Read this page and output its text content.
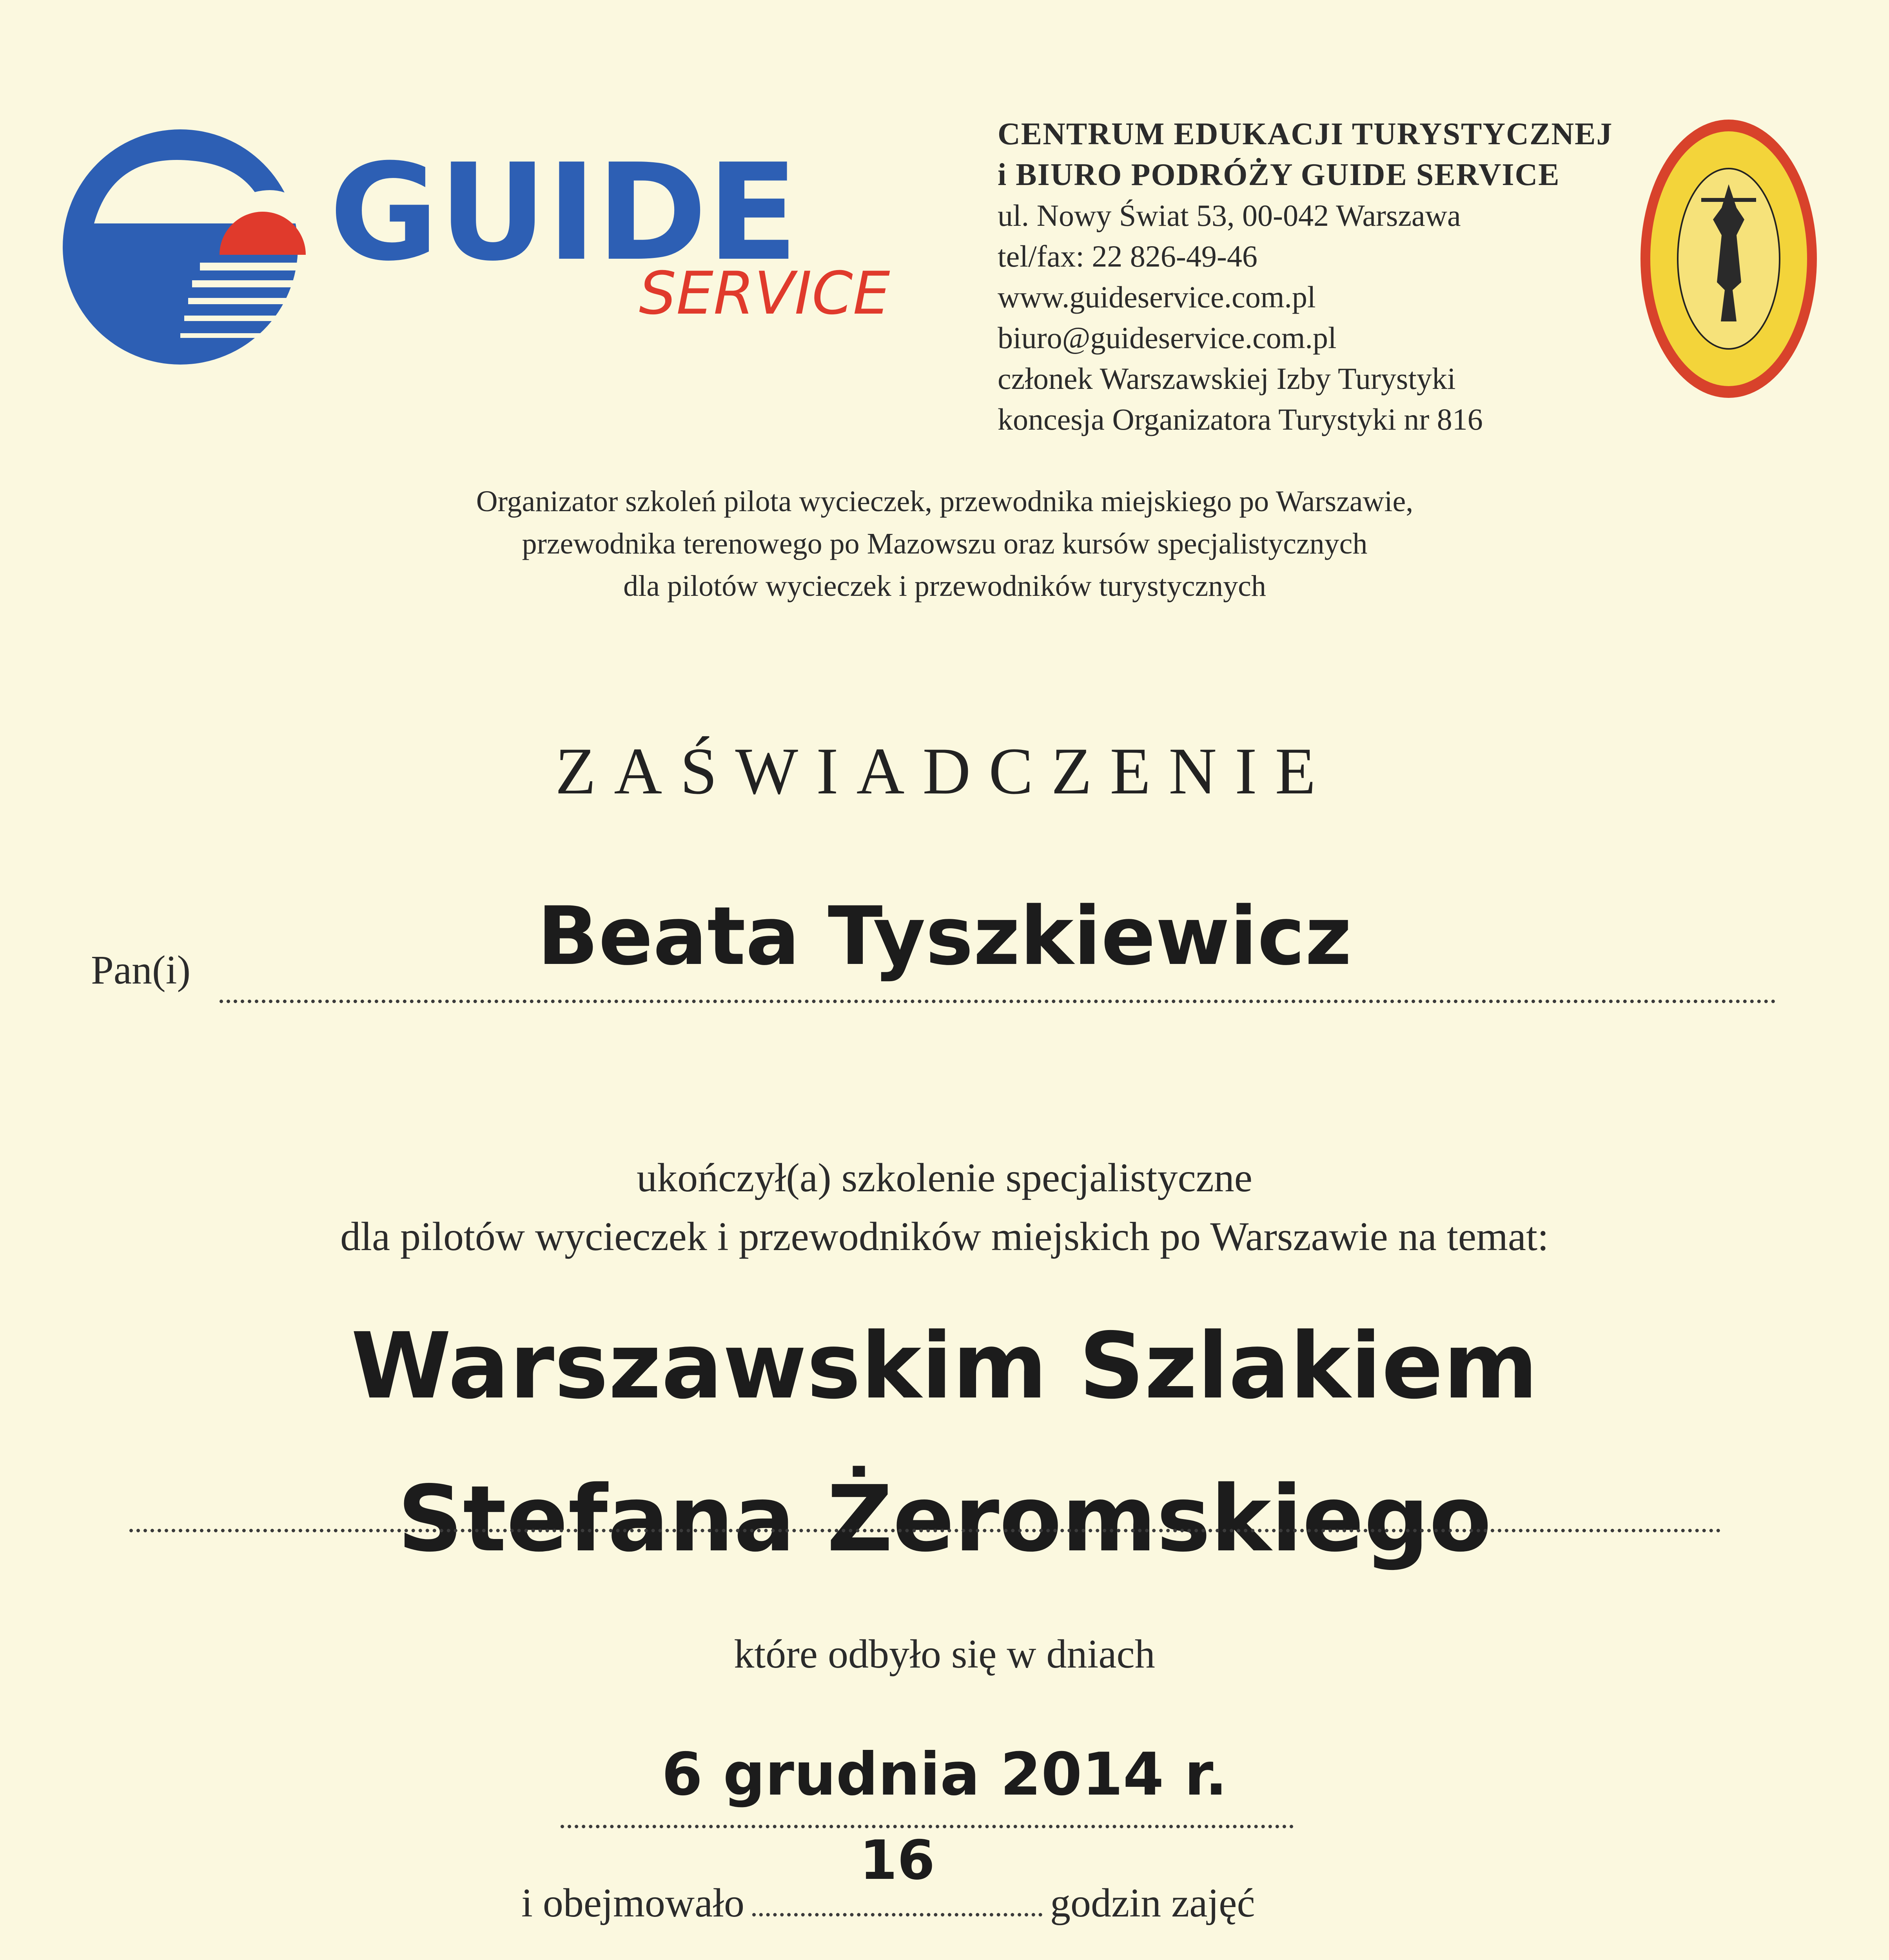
GUIDE
SERVICE
CENTRUM EDUKACJI TURYSTYCZNEJ
i BIURO PODRÓŻY GUIDE SERVICE
ul. Nowy Świat 53, 00-042 Warszawa
tel/fax: 22 826-49-46
www.guideservice.com.pl
biuro@guideservice.com.pl
członek Warszawskiej Izby Turystyki
koncesja Organizatora Turystyki nr 816
Organizator szkoleń pilota wycieczek, przewodnika miejskiego po Warszawie,
przewodnika terenowego po Mazowszu oraz kursów specjalistycznych
dla pilotów wycieczek i przewodników turystycznych
ZAŚWIADCZENIE
Pan(i)	Beata Tyszkiewicz
ukończył(a) szkolenie specjalistyczne
dla pilotów wycieczek i przewodników miejskich po Warszawie na temat:
Warszawskim Szlakiem
Stefana Żeromskiego
które odbyło się w dniach
6 grudnia 2014 r.
i obejmowało
16
godzin zajęć
